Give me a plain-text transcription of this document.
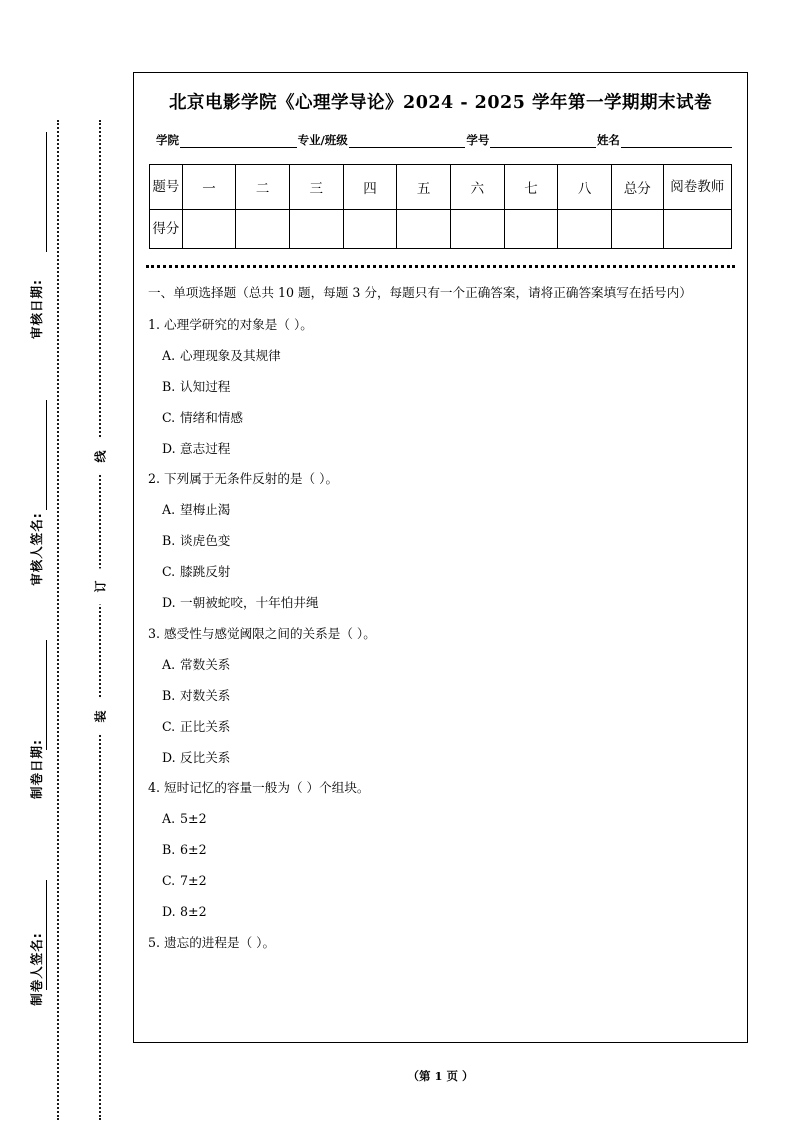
审核日期:
审核人签名:
制卷日期:
制卷人签名:
线
订
装
北京电影学院《心理学导论》2024 - 2025 学年第一学期期末试卷
学院	专业/班级	学号	姓名
题号	一	二	三	四	五	六	七	八	总分	阅卷教师
得分										
一、单项选择题（总共 10 题，每题 3 分，每题只有一个正确答案，请将正确答案填写在括号内）
1. 心理学研究的对象是（ ）。
A. 心理现象及其规律
B. 认知过程
C. 情绪和情感
D. 意志过程
2. 下列属于无条件反射的是（ ）。
A. 望梅止渴
B. 谈虎色变
C. 膝跳反射
D. 一朝被蛇咬，十年怕井绳
3. 感受性与感觉阈限之间的关系是（ ）。
A. 常数关系
B. 对数关系
C. 正比关系
D. 反比关系
4. 短时记忆的容量一般为（ ）个组块。
A. 5±2
B. 6±2
C. 7±2
D. 8±2
5. 遗忘的进程是（ ）。
（第 1 页 ）
